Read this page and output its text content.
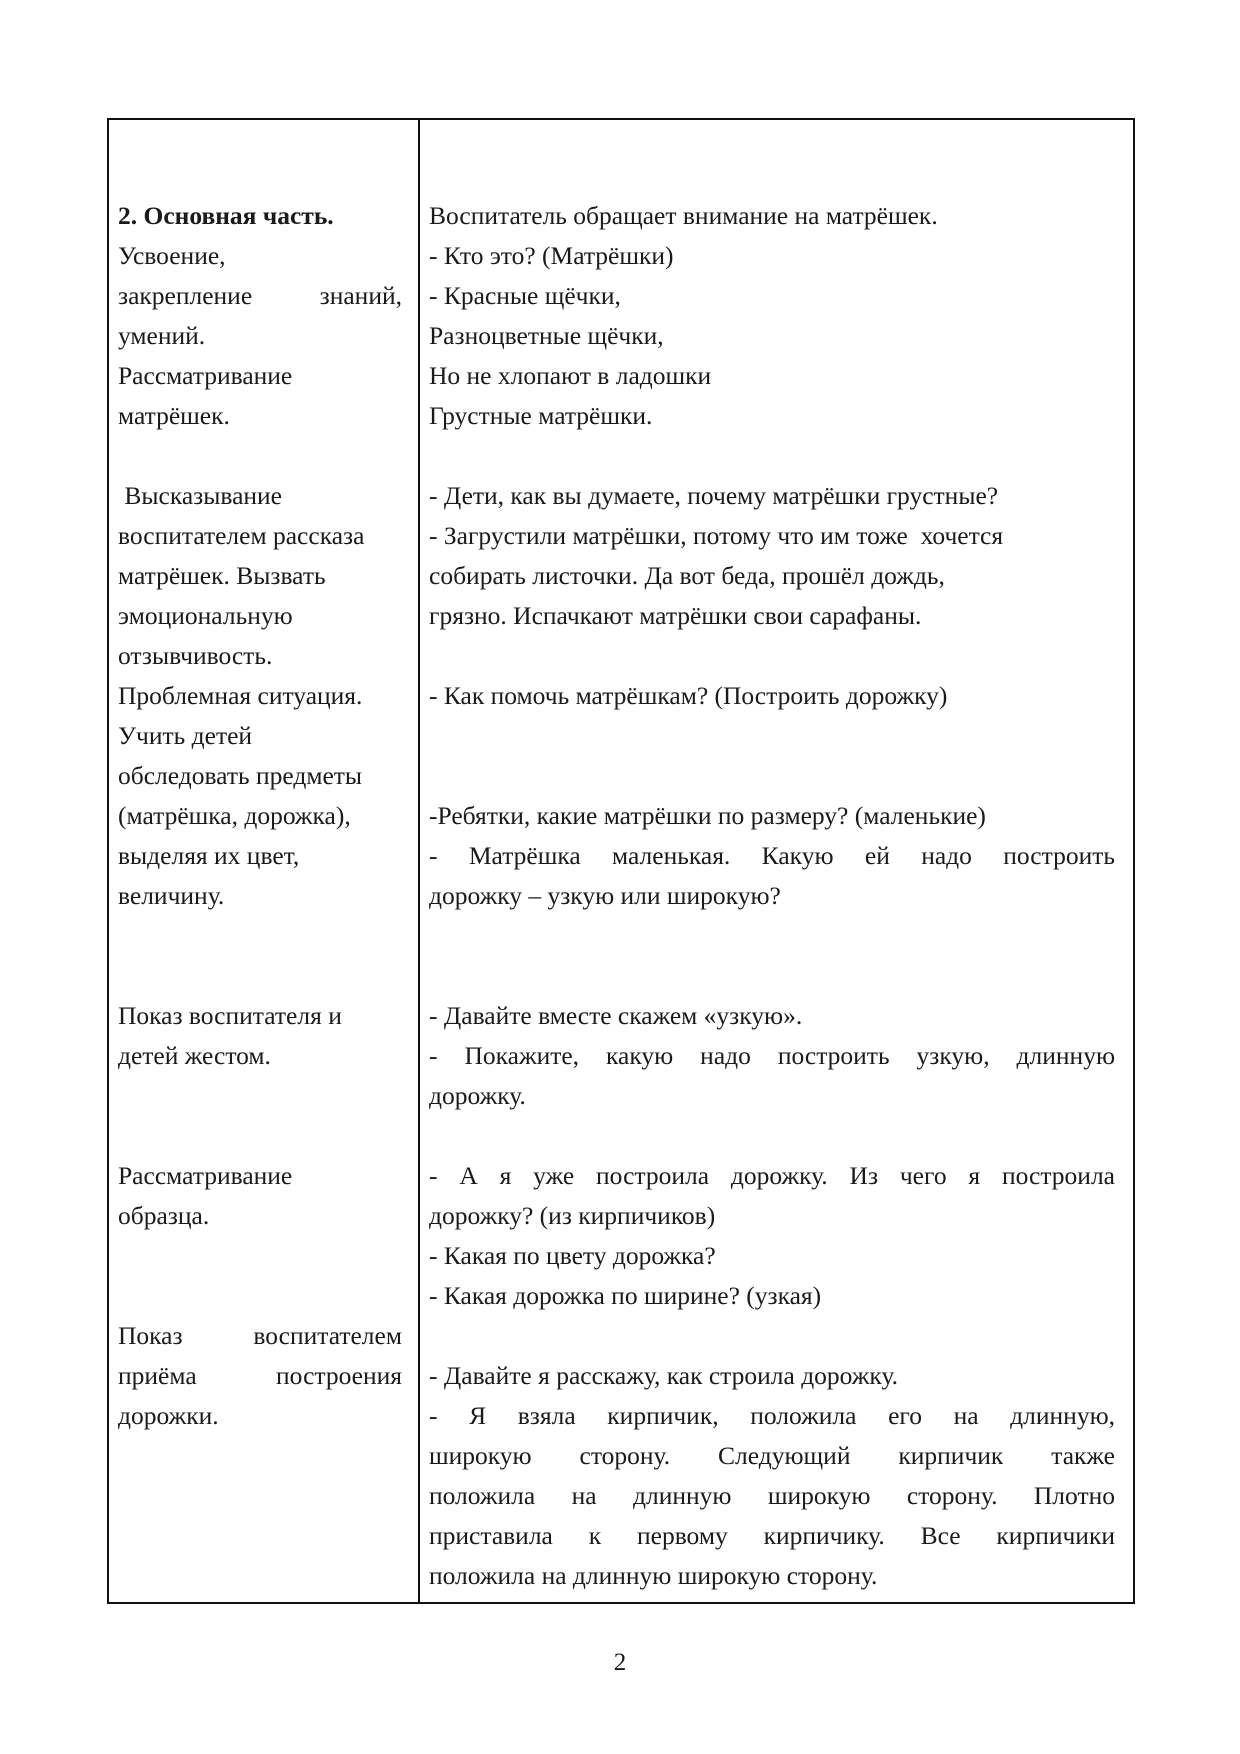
2. Основная часть.
Усвоение,
закрепление знаний,
умений.
Рассматривание
матрёшек.
Высказывание
воспитателем рассказа
матрёшек. Вызвать
эмоциональную
отзывчивость.
Проблемная ситуация.
Учить детей
обследовать предметы
(матрёшка, дорожка),
выделяя их цвет,
величину.
Показ воспитателя и
детей жестом.
Рассматривание
образца.
Показ воспитателем
приёма построения
дорожки.
Воспитатель обращает внимание на матрёшек.
- Кто это? (Матрёшки)
- Красные щёчки,
Разноцветные щёчки,
Но не хлопают в ладошки
Грустные матрёшки.
- Дети, как вы думаете, почему матрёшки грустные?
- Загрустили матрёшки, потому что им тоже  хочется
собирать листочки. Да вот беда, прошёл дождь,
грязно. Испачкают матрёшки свои сарафаны.
- Как помочь матрёшкам? (Построить дорожку)
-Ребятки, какие матрёшки по размеру? (маленькие)
- Матрёшка маленькая. Какую ей надо построить
дорожку – узкую или широкую?
- Давайте вместе скажем «узкую».
- Покажите, какую надо построить узкую, длинную
дорожку.
- А я уже построила дорожку. Из чего я построила
дорожку? (из кирпичиков)
- Какая по цвету дорожка?
- Какая дорожка по ширине? (узкая)
- Давайте я расскажу, как строила дорожку.
- Я взяла кирпичик, положила его на длинную,
широкую сторону. Следующий кирпичик также
положила на длинную широкую сторону. Плотно
приставила к первому кирпичику. Все кирпичики
положила на длинную широкую сторону.
2
